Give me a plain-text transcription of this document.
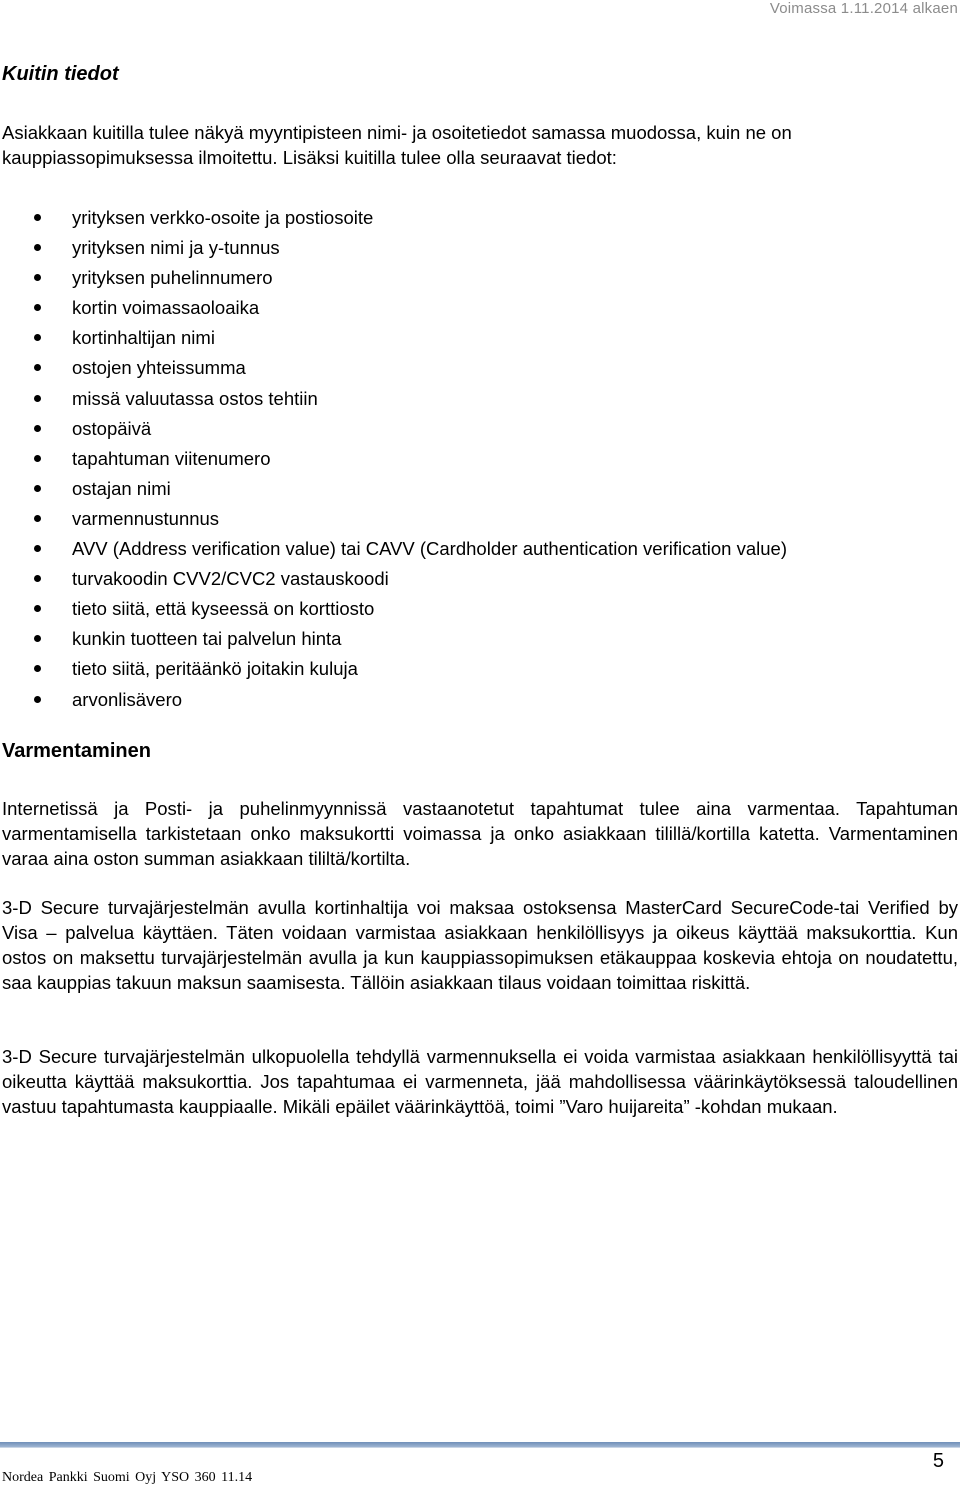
Voimassa 1.11.2014 alkaen
Kuitin tiedot

Asiakkaan kuitilla tulee näkyä myyntipisteen nimi- ja osoitetiedot samassa muodossa, kuin ne on kauppiassopimuksessa ilmoitettu. Lisäksi kuitilla tulee olla seuraavat tiedot:

yrityksen verkko-osoite ja postiosoite
yrityksen nimi ja y-tunnus
yrityksen puhelinnumero
kortin voimassaoloaika
kortinhaltijan nimi
ostojen yhteissumma
missä valuutassa ostos tehtiin
ostopäivä
tapahtuman viitenumero
ostajan nimi
varmennustunnus
AVV (Address verification value) tai CAVV (Cardholder authentication verification value)
turvakoodin CVV2/CVC2 vastauskoodi
tieto siitä, että kyseessä on korttiosto
kunkin tuotteen tai palvelun hinta
tieto siitä, peritäänkö joitakin kuluja
arvonlisävero
Varmentaminen

Internetissä ja Posti- ja puhelinmyynnissä vastaanotetut tapahtumat tulee aina varmentaa. Tapahtuman varmentamisella tarkistetaan onko maksukortti voimassa ja onko asiakkaan tilillä/kortilla katetta. Varmentaminen varaa aina oston summan asiakkaan tililtä/kortilta.

3-D Secure turvajärjestelmän avulla kortinhaltija voi maksaa ostoksensa MasterCard SecureCode-tai Verified by Visa – palvelua käyttäen. Täten voidaan varmistaa asiakkaan henkilöllisyys ja oikeus käyttää maksukorttia. Kun ostos on maksettu turvajärjestelmän avulla ja kun kauppiassopimuksen etäkauppaa koskevia ehtoja on noudatettu, saa kauppias takuun maksun saamisesta. Tällöin asiakkaan tilaus voidaan toimittaa riskittä.

3-D Secure turvajärjestelmän ulkopuolella tehdyllä varmennuksella ei voida varmistaa asiakkaan henkilöllisyyttä tai oikeutta käyttää maksukorttia. Jos tapahtumaa ei varmenneta, jää mahdollisessa väärinkäytöksessä taloudellinen vastuu tapahtumasta kauppiaalle. Mikäli epäilet väärinkäyttöä, toimi ”Varo huijareita” -kohdan mukaan.

Nordea Pankki Suomi Oyj YSO 360 11.14
5
